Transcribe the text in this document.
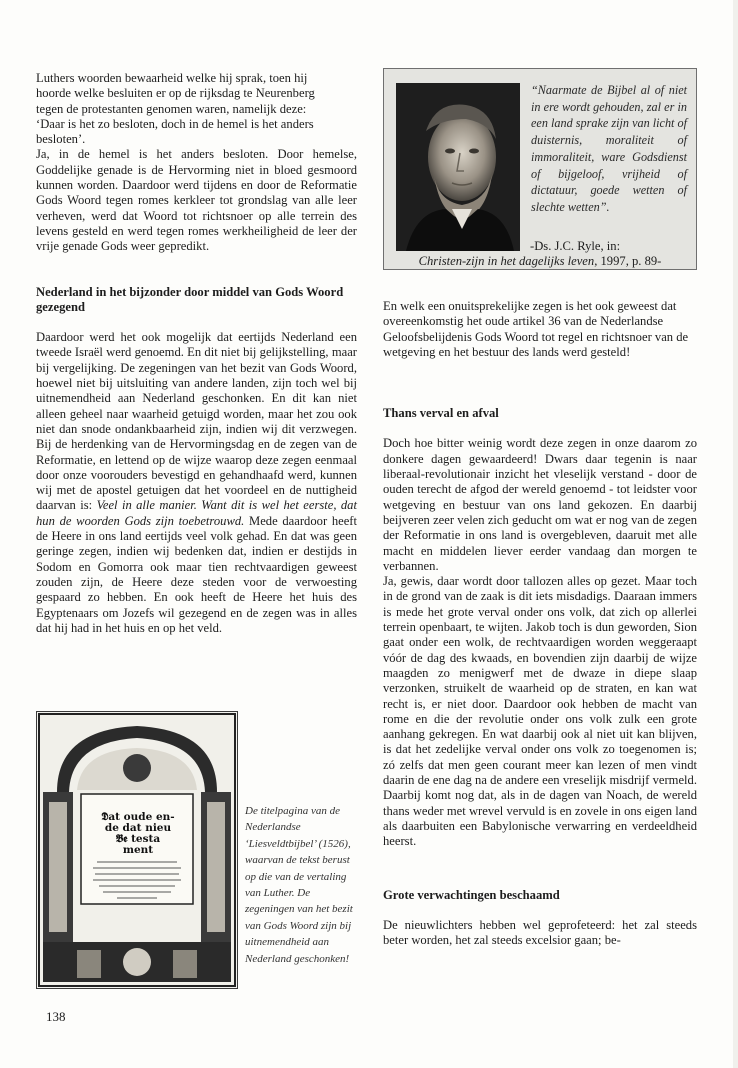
Luthers woorden bewaarheid welke hij sprak, toen hij
hoorde welke besluiten er op de rijksdag te Neurenberg
tegen de protestanten genomen waren, namelijk deze:
‘Daar is het zo besloten, doch in de hemel is het anders
besloten’.

Ja, in de hemel is het anders besloten. Door hemelse, Goddelijke genade is de Hervorming niet in bloed gesmoord kunnen worden. Daardoor werd tijdens en door de Reformatie Gods Woord tegen romes kerkleer tot grondslag van alle leer verheven, werd dat Woord tot richtsnoer op alle terrein des levens gesteld en werd tegen romes werkheiligheid de leer der vrije genade Gods weer gepredikt.

Nederland in het bijzonder door middel van Gods Woord gezegend

Daardoor werd het ook mogelijk dat eertijds Nederland een tweede Israël werd genoemd. En dit niet bij gelijkstelling, maar bij vergelijking. De zegeningen van het bezit van Gods Woord, hoewel niet bij uitsluiting van andere landen, zijn toch wel bij uitnemendheid aan Nederland geschonken. En dit kan niet alleen geheel naar waarheid getuigd worden, maar het zou ook niet dan snode ondankbaarheid zijn, indien wij dit verzwegen. Bij de herdenking van de Hervormingsdag en de zegen van de Reformatie, en lettend op de wijze waarop deze zegen eenmaal door onze voorouders bevestigd en gehandhaafd werd, kunnen wij met de apostel getuigen dat het voordeel en de nuttigheid daarvan is: Veel in alle manier. Want dit is wel het eerste, dat hun de woorden Gods zijn toebetrouwd. Mede daardoor heeft de Heere in ons land eertijds veel volk gehad. En dat was geen geringe zegen, indien wij bedenken dat, indien er destijds in Sodom en Gomorra ook maar tien rechtvaardigen geweest zouden zijn, de Heere deze steden voor de verwoesting gespaard zo hebben. En ook heeft de Heere het huis des Egyptenaars om Jozefs wil gezegend en de zegen was in alles dat hij had in het huis en op het veld.

“Naarmate de Bijbel al of niet in ere wordt gehouden, zal er in een land sprake zijn van licht of duisternis, moraliteit of immoraliteit, ware Godsdienst of bijgeloof, vrijheid of dictatuur, goede wetten of slechte wetten”.
-Ds. J.C. Ryle, in:
Christen-zijn in het dagelijks leven, 1997, p. 89-
𝕯at oude en-
de dat nieu
𝕭𝖊 testa
ment
De titelpagina van de Nederlandse ‘Liesveldtbijbel’ (1526), waarvan de tekst berust op die van de vertaling van Luther. De zegeningen van het bezit van Gods Woord zijn bij uitnemendheid aan Nederland geschonken!

En welk een onuitsprekelijke zegen is het ook geweest dat overeenkomstig het oude artikel 36 van de Nederlandse Geloofsbelijdenis Gods Woord tot regel en richtsnoer van de wetgeving en het bestuur des lands werd gesteld!

Thans verval en afval

Doch hoe bitter weinig wordt deze zegen in onze daarom zo donkere dagen gewaardeerd! Dwars daar tegenin is naar liberaal-revolutionair inzicht het vleselijk verstand - door de ouden terecht de afgod der wereld genoemd - tot leidster voor wetgeving en bestuur van ons land gekozen. En daarbij beijveren zeer velen zich geducht om wat er nog van de zegen der Reformatie in ons land is overgebleven, daaruit met alle macht en middelen liever eerder vandaag dan morgen te verbannen.

Ja, gewis, daar wordt door tallozen alles op gezet. Maar toch in de grond van de zaak is dit iets misdadigs. Daaraan immers is mede het grote verval onder ons volk, dat zich op allerlei terrein openbaart, te wijten. Jakob toch is dun geworden, Sion gaat onder een wolk, de rechtvaardigen worden weggeraapt vóór de dag des kwaads, en bovendien zijn daarbij de wijze maagden zo menigwerf met de dwaze in diepe slaap verzonken, struikelt de waarheid op de straten, en kan wat recht is, er niet door. Daardoor ook hebben de macht van rome en die der revolutie onder ons volk zulk een grote aanhang gekregen. En wat daarbij ook al niet uit kan blijven, is dat het zedelijke verval onder ons volk zo toegenomen is; zó zelfs dat men geen courant meer kan lezen of men vindt daarin de ene dag na de andere een vreselijk misdrijf vermeld. Daarbij komt nog dat, als in de dagen van Noach, de wereld thans weder met wrevel vervuld is en zovele in ons eigen land als daarbuiten een Babylonische verwarring en verdeeldheid heerst.

Grote verwachtingen beschaamd

De nieuwlichters hebben wel geprofeteerd: het zal steeds beter worden, het zal steeds excelsior gaan; be-

138
